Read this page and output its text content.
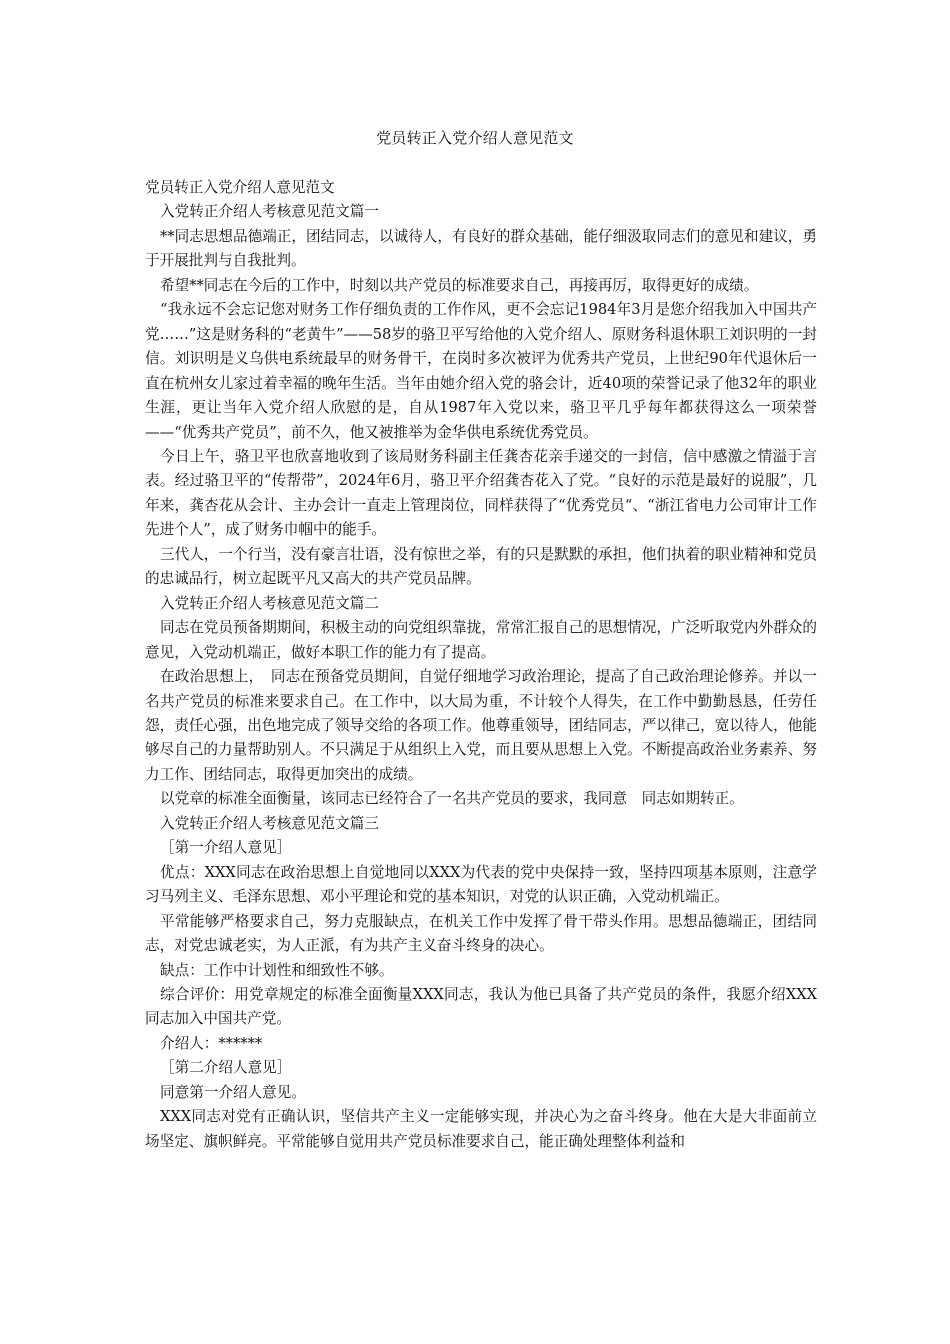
党员转正入党介绍人意见范文

党员转正入党介绍人意见范文

入党转正介绍人考核意见范文篇一

**同志思想品德端正，团结同志，以诚待人，有良好的群众基础，能仔细汲取同志们的意见和建议，勇于开展批判与自我批判。

希望**同志在今后的工作中，时刻以共产党员的标准要求自己，再接再厉，取得更好的成绩。

“我永远不会忘记您对财务工作仔细负责的工作作风，更不会忘记1984年3月是您介绍我加入中国共产党……”这是财务科的“老黄牛”——58岁的骆卫平写给他的入党介绍人、原财务科退休职工刘识明的一封信。刘识明是义乌供电系统最早的财务骨干，在岗时多次被评为优秀共产党员，上世纪90年代退休后一直在杭州女儿家过着幸福的晚年生活。当年由她介绍入党的骆会计，近40项的荣誉记录了他32年的职业生涯，更让当年入党介绍人欣慰的是，自从1987年入党以来，骆卫平几乎每年都获得这么一项荣誉——“优秀共产党员”，前不久，他又被推举为金华供电系统优秀党员。

今日上午，骆卫平也欣喜地收到了该局财务科副主任龚杏花亲手递交的一封信，信中感激之情溢于言表。经过骆卫平的“传帮带”，2024年6月，骆卫平介绍龚杏花入了党。“良好的示范是最好的说服”，几年来，龚杏花从会计、主办会计一直走上管理岗位，同样获得了“优秀党员“、“浙江省电力公司审计工作先进个人”，成了财务巾帼中的能手。

三代人，一个行当，没有豪言壮语，没有惊世之举，有的只是默默的承担，他们执着的职业精神和党员的忠诚品行，树立起既平凡又高大的共产党员品牌。

入党转正介绍人考核意见范文篇二

同志在党员预备期期间，积极主动的向党组织靠拢，常常汇报自己的思想情况，广泛听取党内外群众的意见，入党动机端正，做好本职工作的能力有了提高。

在政治思想上，　同志在预备党员期间，自觉仔细地学习政治理论，提高了自己政治理论修养。并以一名共产党员的标准来要求自己。在工作中，以大局为重，不计较个人得失，在工作中勤勤恳恳，任劳任怨，责任心强，出色地完成了领导交给的各项工作。他尊重领导，团结同志，严以律己，宽以待人，他能够尽自己的力量帮助别人。不只满足于从组织上入党，而且要从思想上入党。不断提高政治业务素养、努力工作、团结同志，取得更加突出的成绩。

以党章的标准全面衡量，该同志已经符合了一名共产党员的要求，我同意　同志如期转正。

入党转正介绍人考核意见范文篇三

［第一介绍人意见］

优点：XXX同志在政治思想上自觉地同以XXX为代表的党中央保持一致，坚持四项基本原则，注意学习马列主义、毛泽东思想、邓小平理论和党的基本知识，对党的认识正确，入党动机端正。

平常能够严格要求自己，努力克服缺点，在机关工作中发挥了骨干带头作用。思想品德端正，团结同志，对党忠诚老实，为人正派，有为共产主义奋斗终身的决心。

缺点：工作中计划性和细致性不够。

综合评价：用党章规定的标准全面衡量XXX同志，我认为他已具备了共产党员的条件，我愿介绍XXX同志加入中国共产党。

介绍人：******

［第二介绍人意见］

同意第一介绍人意见。

XXX同志对党有正确认识，坚信共产主义一定能够实现，并决心为之奋斗终身。他在大是大非面前立场坚定、旗帜鲜亮。平常能够自觉用共产党员标准要求自己，能正确处理整体利益和
